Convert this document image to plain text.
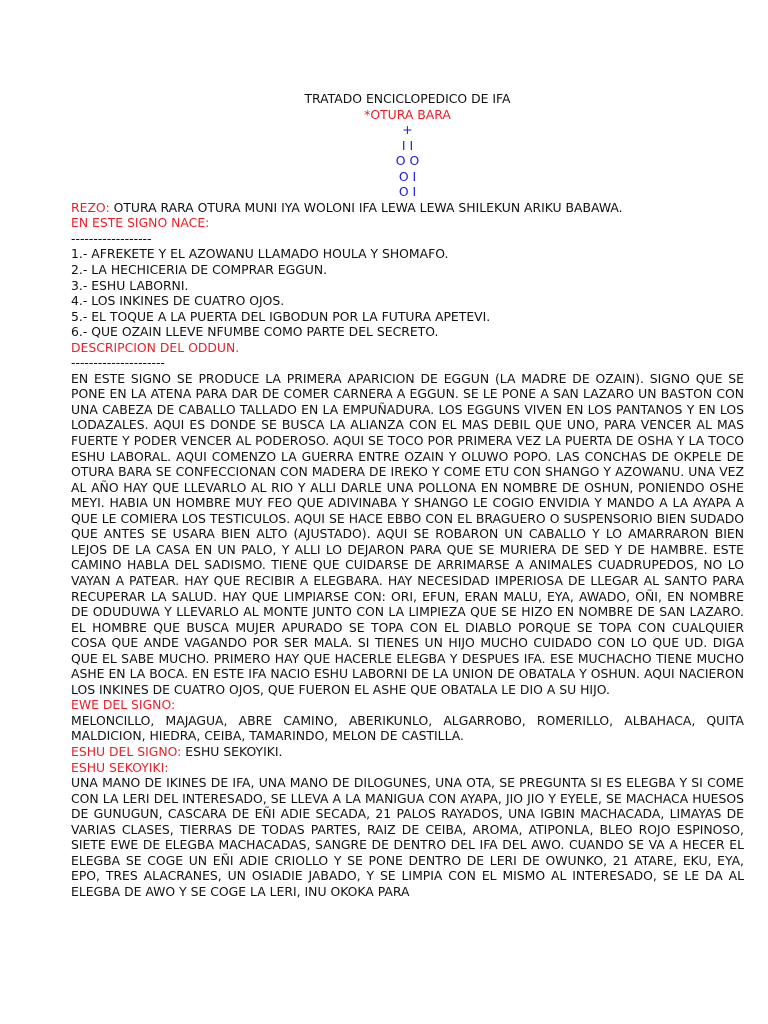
TRATADO ENCICLOPEDICO DE IFA

*OTURA BARA

+

I I

O O

O I

O I

REZO: OTURA RARA OTURA MUNI IYA WOLONI IFA LEWA LEWA SHILEKUN ARIKU BABAWA.

EN ESTE SIGNO NACE:

------------------

1.- AFREKETE Y EL AZOWANU LLAMADO HOULA Y SHOMAFO.

2.- LA HECHICERIA DE COMPRAR EGGUN.

3.- ESHU LABORNI.

4.- LOS INKINES DE CUATRO OJOS.

5.- EL TOQUE A LA PUERTA DEL IGBODUN POR LA FUTURA APETEVI.

6.- QUE OZAIN LLEVE NFUMBE COMO PARTE DEL SECRETO.

DESCRIPCION DEL ODDUN.

---------------------

EN ESTE SIGNO SE PRODUCE LA PRIMERA APARICION DE EGGUN (LA MADRE DE OZAIN). SIGNO QUE SE PONE EN LA ATENA PARA DAR DE COMER CARNERA A EGGUN. SE LE PONE A SAN LAZARO UN BASTON CON UNA CABEZA DE CABALLO TALLADO EN LA EMPUÑADURA. LOS EGGUNS VIVEN EN LOS PANTANOS Y EN LOS LODAZALES. AQUI ES DONDE SE BUSCA LA ALIANZA CON EL MAS DEBIL QUE UNO, PARA VENCER AL MAS FUERTE Y PODER VENCER AL PODEROSO. AQUI SE TOCO POR PRIMERA VEZ LA PUERTA DE OSHA Y LA TOCO ESHU LABORAL. AQUI COMENZO LA GUERRA ENTRE OZAIN Y OLUWO POPO. LAS CONCHAS DE OKPELE DE OTURA BARA SE CONFECCIONAN CON MADERA DE IREKO Y COME ETU CON SHANGO Y AZOWANU. UNA VEZ AL AÑO HAY QUE LLEVARLO AL RIO Y ALLI DARLE UNA POLLONA EN NOMBRE DE OSHUN, PONIENDO OSHE MEYI. HABIA UN HOMBRE MUY FEO QUE ADIVINABA Y SHANGO LE COGIO ENVIDIA Y MANDO A LA AYAPA A QUE LE COMIERA LOS TESTICULOS. AQUI SE HACE EBBO CON EL BRAGUERO O SUSPENSORIO BIEN SUDADO QUE ANTES SE USARA BIEN ALTO (AJUSTADO). AQUI SE ROBARON UN CABALLO Y LO AMARRARON BIEN LEJOS DE LA CASA EN UN PALO, Y ALLI LO DEJARON PARA QUE SE MURIERA DE SED Y DE HAMBRE. ESTE CAMINO HABLA DEL SADISMO. TIENE QUE CUIDARSE DE ARRIMARSE A ANIMALES CUADRUPEDOS, NO LO VAYAN A PATEAR. HAY QUE RECIBIR A ELEGBARA. HAY NECESIDAD IMPERIOSA DE LLEGAR AL SANTO PARA RECUPERAR LA SALUD. HAY QUE LIMPIARSE CON: ORI, EFUN, ERAN MALU, EYA, AWADO, OÑI, EN NOMBRE DE ODUDUWA Y LLEVARLO AL MONTE JUNTO CON LA LIMPIEZA QUE SE HIZO EN NOMBRE DE SAN LAZARO. EL HOMBRE QUE BUSCA MUJER APURADO SE TOPA CON EL DIABLO PORQUE SE TOPA CON CUALQUIER COSA QUE ANDE VAGANDO POR SER MALA. SI TIENES UN HIJO MUCHO CUIDADO CON LO QUE UD. DIGA QUE EL SABE MUCHO. PRIMERO HAY QUE HACERLE ELEGBA Y DESPUES IFA. ESE MUCHACHO TIENE MUCHO ASHE EN LA BOCA. EN ESTE IFA NACIO ESHU LABORNI DE LA UNION DE OBATALA Y OSHUN. AQUI NACIERON LOS INKINES DE CUATRO OJOS, QUE FUERON EL ASHE QUE OBATALA LE DIO A SU HIJO.

EWE DEL SIGNO:

MELONCILLO, MAJAGUA, ABRE CAMINO, ABERIKUNLO, ALGARROBO, ROMERILLO, ALBAHACA, QUITA MALDICION, HIEDRA, CEIBA, TAMARINDO, MELON DE CASTILLA.

ESHU DEL SIGNO: ESHU SEKOYIKI.

ESHU SEKOYIKI:

UNA MANO DE IKINES DE IFA, UNA MANO DE DILOGUNES, UNA OTA, SE PREGUNTA SI ES ELEGBA Y SI COME CON LA LERI DEL INTERESADO, SE LLEVA A LA MANIGUA CON AYAPA, JIO JIO Y EYELE, SE MACHACA HUESOS DE GUNUGUN, CASCARA DE EÑI ADIE SECADA, 21 PALOS RAYADOS, UNA IGBIN MACHACADA, LIMAYAS DE VARIAS CLASES, TIERRAS DE TODAS PARTES, RAIZ DE CEIBA, AROMA, ATIPONLA, BLEO ROJO ESPINOSO, SIETE EWE DE ELEGBA MACHACADAS, SANGRE DE DENTRO DEL IFA DEL AWO. CUANDO SE VA A HECER EL ELEGBA SE COGE UN EÑI ADIE CRIOLLO Y SE PONE DENTRO DE LERI DE OWUNKO, 21 ATARE, EKU, EYA, EPO, TRES ALACRANES, UN OSIADIE JABADO, Y SE LIMPIA CON EL MISMO AL INTERESADO, SE LE DA AL ELEGBA DE AWO Y SE COGE LA LERI, INU OKOKA PARA
